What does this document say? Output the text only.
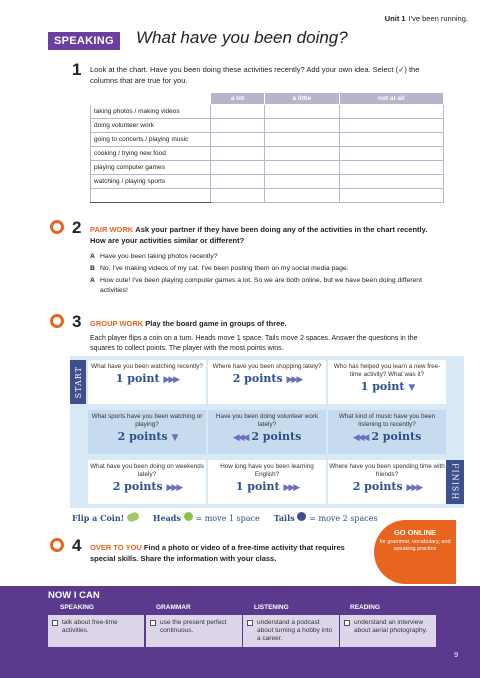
Unit 1 I've been running.
SPEAKING	What have you been doing?
1 Look at the chart. Have you been doing these activities recently? Add your own idea. Select (✓) the columns that are true for you.
	a lot	a little	not at all
taking photos / making videos			
doing volunteer work			
going to concerts / playing music			
cooking / trying new food			
playing computer games			
watching / playing sports			

2 PAIR WORK Ask your partner if they have been doing any of the activities in the chart recently. How are your activities similar or different?
A Have you been taking photos recently?
B No, I've making videos of my cat. I've been posting them on my social media page.
A How cute! I've been playing computer games a lot. So we are both online, but we have been doing different activities!
3 GROUP WORK Play the board game in groups of three.
Each player flips a coin on a turn. Heads move 1 space. Tails move 2 spaces. Answer the questions in the squares to collect points. The player with the most points wins.
START
FINISH
What have you been watching recently?
1 point ▶▶▶
Where have you been shopping lately?
2 points ▶▶▶
Who has helped you learn a new free-time activity? What was it?
1 point ▼
What sports have you been watching or playing?
2 points ▼
Have you been doing volunteer work lately?
◀◀◀ 2 points
What kind of music have you been listening to recently?
◀◀◀ 2 points
What have you been doing on weekends lately?
2 points ▶▶▶
How long have you been learning English?
1 point ▶▶▶
Where have you been spending time with friends?
2 points ▶▶▶
Flip a Coin!	Heads = move 1 space Tails = move 2 spaces
4 OVER TO YOU Find a photo or video of a free-time activity that requires special skills. Share the information with your class.
GO ONLINE
for grammar, vocabulary, and speaking practice
NOW I CAN
SPEAKING	GRAMMAR	LISTENING	READING
talk about free-time activities.
use the present perfect continuous.
understand a podcast about turning a hobby into a career.
understand an interview about aerial photography.
9
